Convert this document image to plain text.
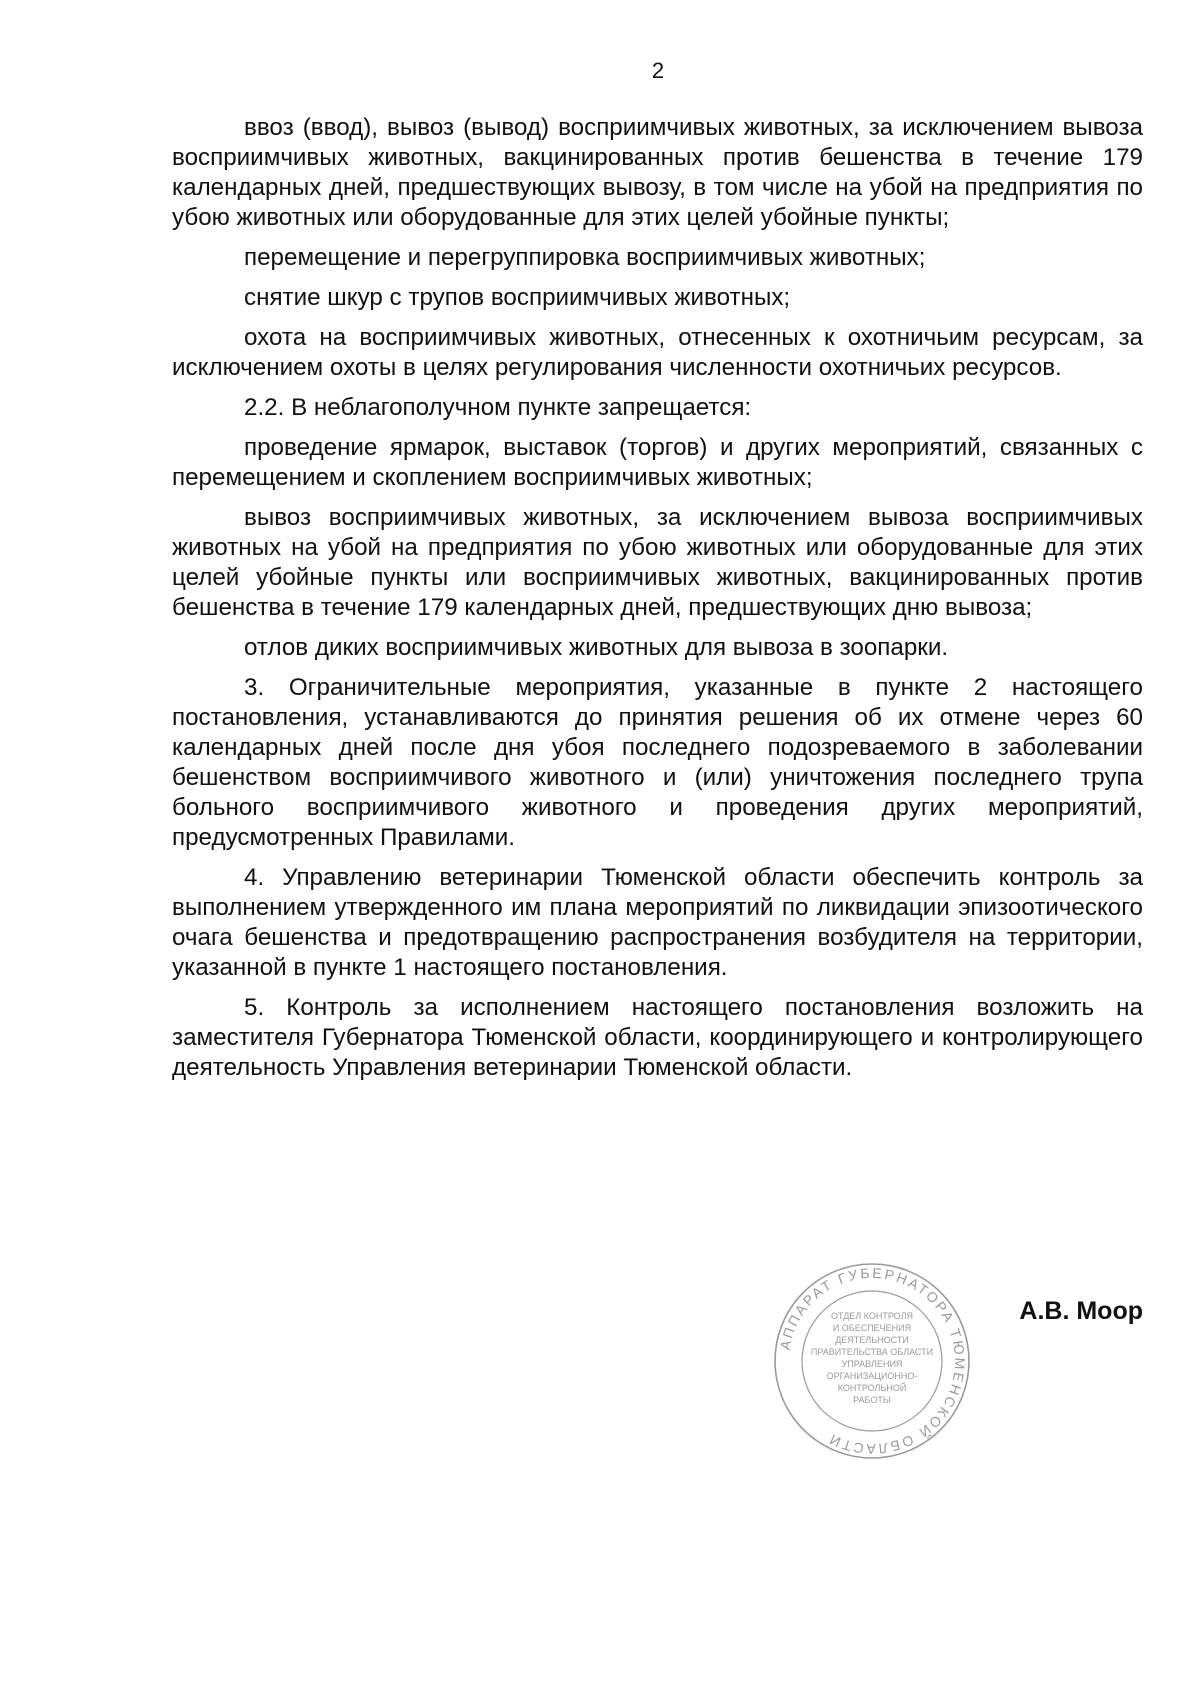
2

ввоз (ввод), вывоз (вывод) восприимчивых животных, за исключением вывоза восприимчивых животных, вакцинированных против бешенства в течение 179 календарных дней, предшествующих вывозу, в том числе на убой на предприятия по убою животных или оборудованные для этих целей убойные пункты;

перемещение и перегруппировка восприимчивых животных;

снятие шкур с трупов восприимчивых животных;

охота на восприимчивых животных, отнесенных к охотничьим ресурсам, за исключением охоты в целях регулирования численности охотничьих ресурсов.

2.2. В неблагополучном пункте запрещается:

проведение ярмарок, выставок (торгов) и других мероприятий, связанных с перемещением и скоплением восприимчивых животных;

вывоз восприимчивых животных, за исключением вывоза восприимчивых животных на убой на предприятия по убою животных или оборудованные для этих целей убойные пункты или восприимчивых животных, вакцинированных против бешенства в течение 179 календарных дней, предшествующих дню вывоза;

отлов диких восприимчивых животных для вывоза в зоопарки.

3. Ограничительные мероприятия, указанные в пункте 2 настоящего постановления, устанавливаются до принятия решения об их отмене через 60 календарных дней после дня убоя последнего подозреваемого в заболевании бешенством восприимчивого животного и (или) уничтожения последнего трупа больного восприимчивого животного и проведения других мероприятий, предусмотренных Правилами.

4. Управлению ветеринарии Тюменской области обеспечить контроль за выполнением утвержденного им плана мероприятий по ликвидации эпизоотического очага бешенства и предотвращению распространения возбудителя на территории, указанной в пункте 1 настоящего постановления.

5. Контроль за исполнением настоящего постановления возложить на заместителя Губернатора Тюменской области, координирующего и контролирующего деятельность Управления ветеринарии Тюменской области.

АППАРАТ ГУБЕРНАТОРА ТЮМЕНСКОЙ ОБЛАСТИ
ОТДЕЛ КОНТРОЛЯ
И ОБЕСПЕЧЕНИЯ
ДЕЯТЕЛЬНОСТИ
ПРАВИТЕЛЬСТВА ОБЛАСТИ
УПРАВЛЕНИЯ
ОРГАНИЗАЦИОННО-
КОНТРОЛЬНОЙ
РАБОТЫ
А.В. Моор
